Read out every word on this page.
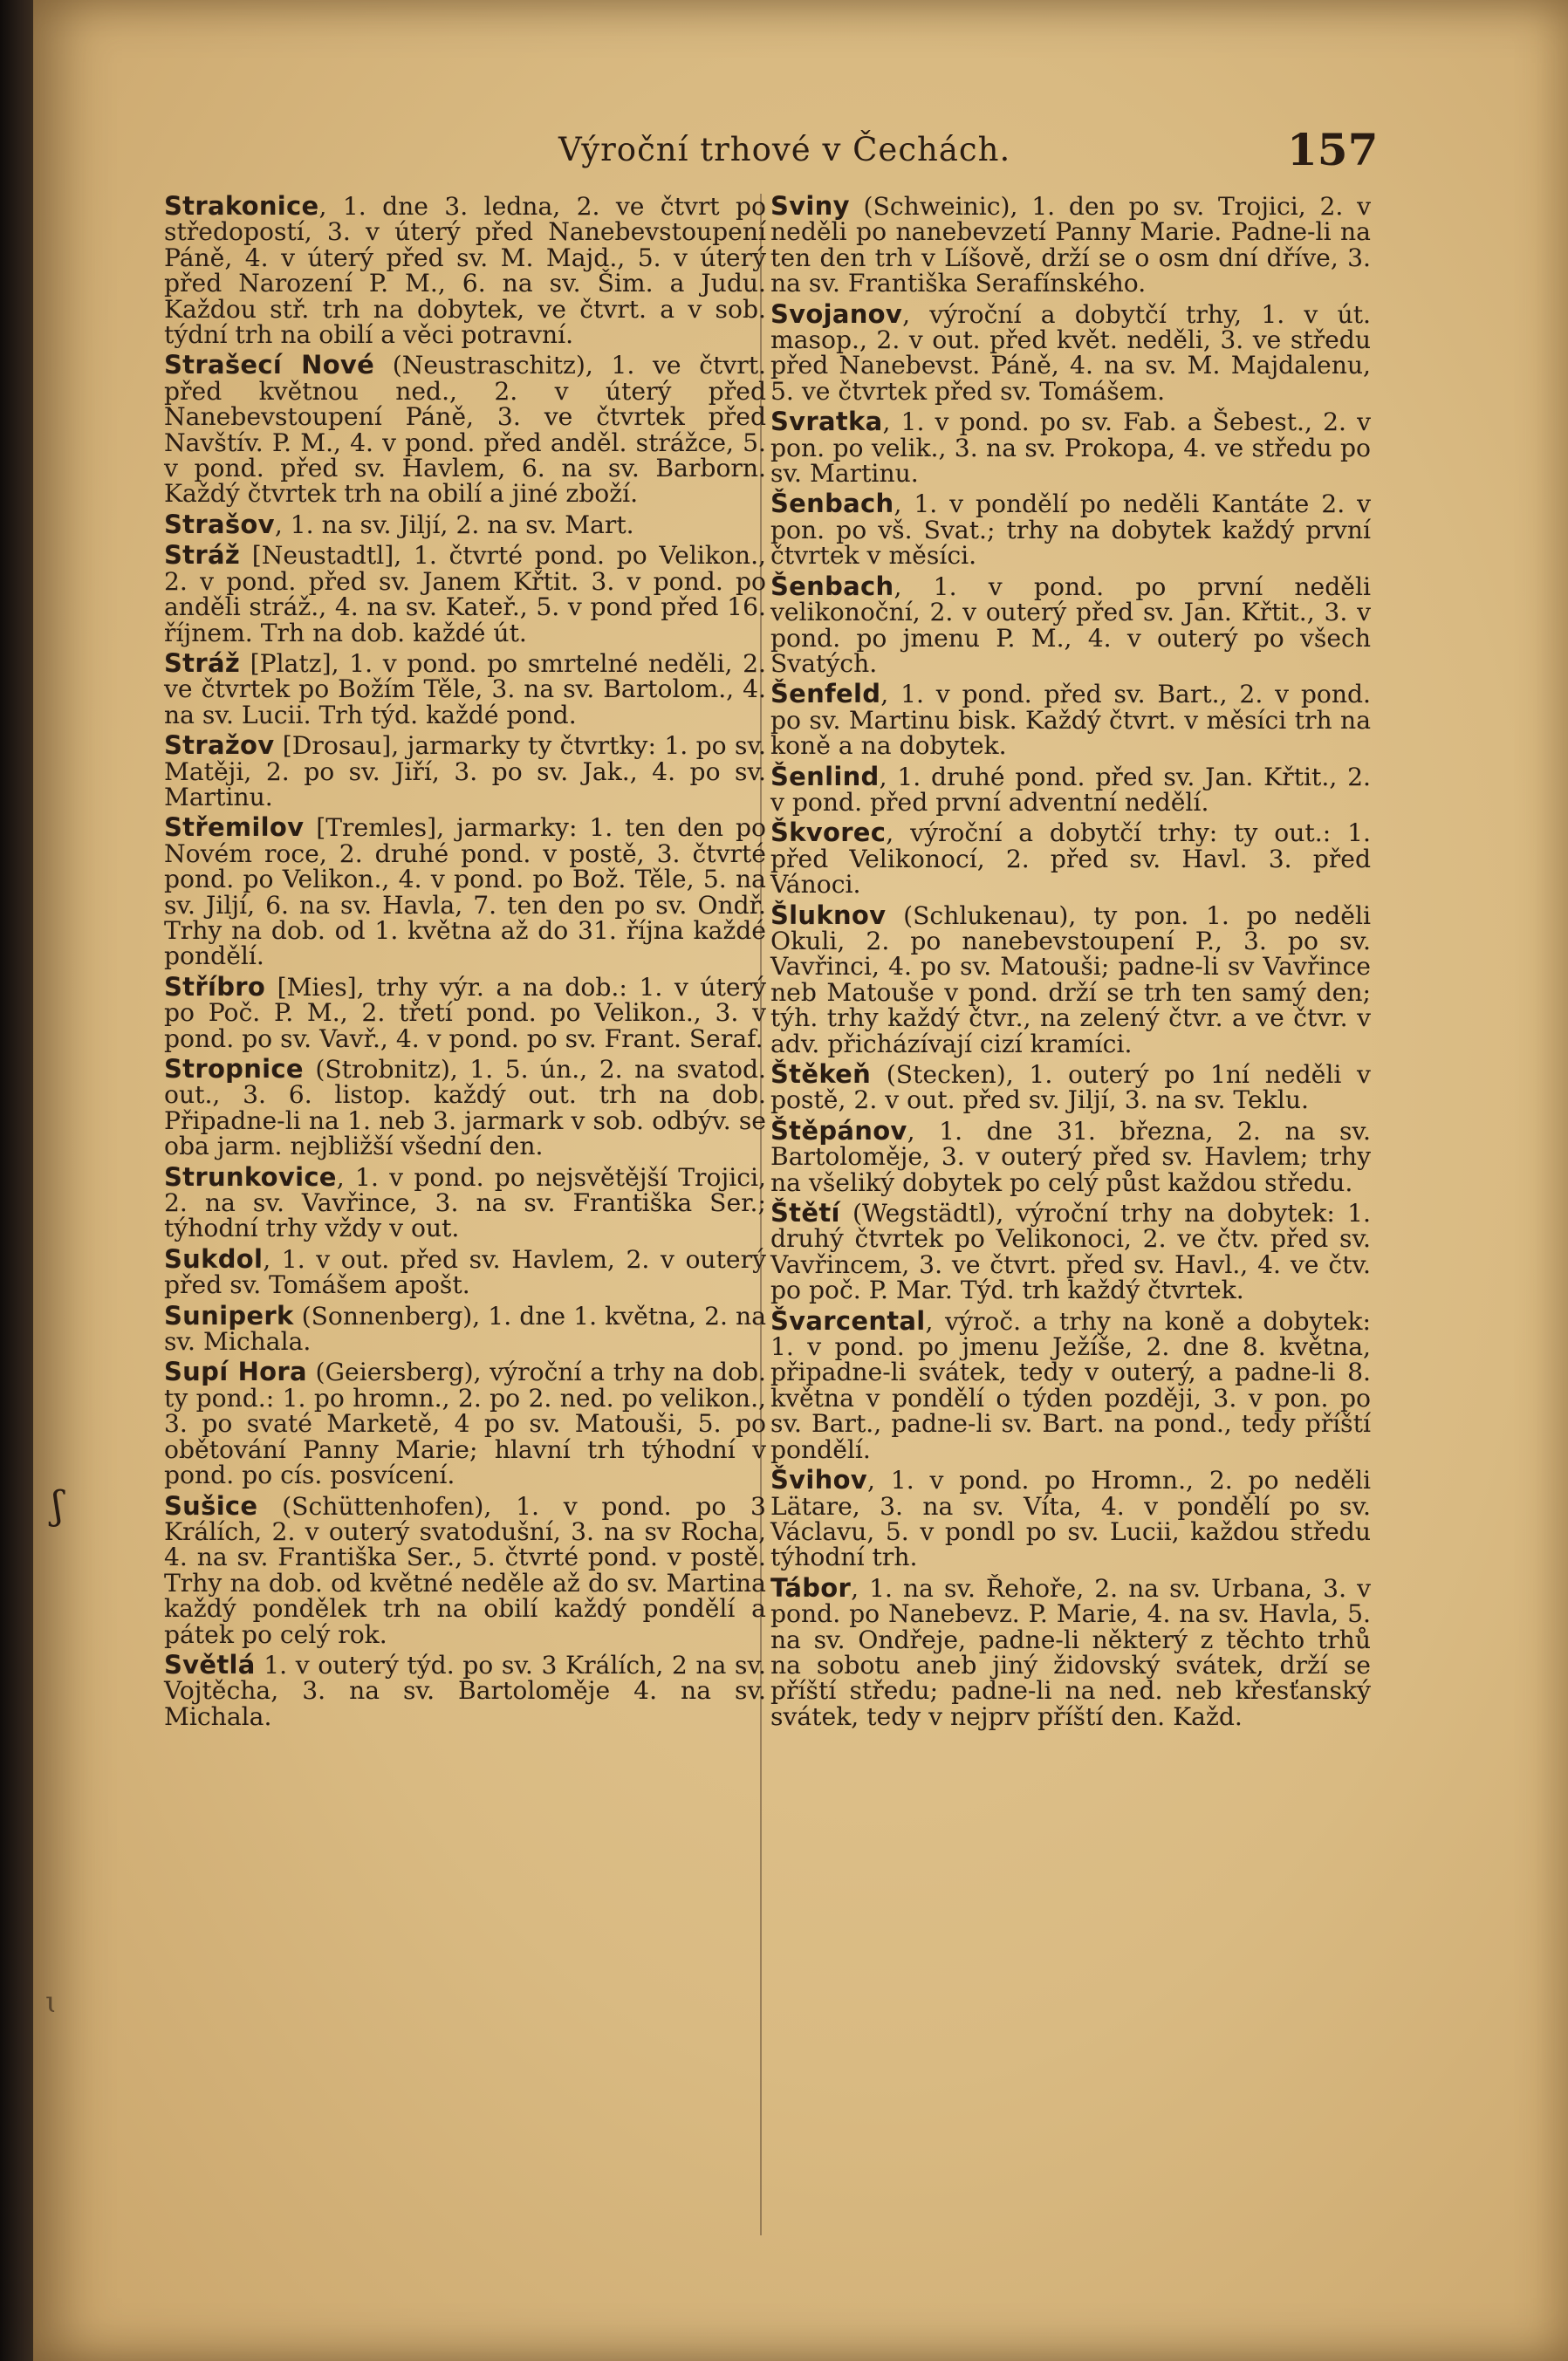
Výroční trhové v Čechách.	157

Strakonice, 1. dne 3. ledna, 2. ve čtvrt po středopostí, 3. v úterý před Nanebevstoupení Páně, 4. v úterý před sv. M. Majd., 5. v úterý před Narození P. M., 6. na sv. Šim. a Judu. Každou stř. trh na dobytek, ve čtvrt. a v sob. týdní trh na obilí a věci potravní.

Strašecí Nové (Neustraschitz), 1. ve čtvrt. před květnou ned., 2. v úterý před Nanebevstoupení Páně, 3. ve čtvrtek před Navštív. P. M., 4. v pond. před anděl. strážce, 5. v pond. před sv. Havlem, 6. na sv. Barborn. Každý čtvrtek trh na obilí a jiné zboží.

Strašov, 1. na sv. Jiljí, 2. na sv. Mart.

Stráž [Neustadtl], 1. čtvrté pond. po Velikon., 2. v pond. před sv. Janem Křtit. 3. v pond. po anděli stráž., 4. na sv. Kateř., 5. v pond před 16. říjnem. Trh na dob. každé út.

Stráž [Platz], 1. v pond. po smrtelné neděli, 2. ve čtvrtek po Božím Těle, 3. na sv. Bartolom., 4. na sv. Lucii. Trh týd. každé pond.

Stražov [Drosau], jarmarky ty čtvrtky: 1. po sv. Matěji, 2. po sv. Jiří, 3. po sv. Jak., 4. po sv. Martinu.

Střemilov [Tremles], jarmarky: 1. ten den po Novém roce, 2. druhé pond. v postě, 3. čtvrté pond. po Velikon., 4. v pond. po Bož. Těle, 5. na sv. Jiljí, 6. na sv. Havla, 7. ten den po sv. Ondř. Trhy na dob. od 1. května až do 31. října každé pondělí.

Stříbro [Mies], trhy výr. a na dob.: 1. v úterý po Poč. P. M., 2. třetí pond. po Velikon., 3. v pond. po sv. Vavř., 4. v pond. po sv. Frant. Seraf.

Stropnice (Strobnitz), 1. 5. ún., 2. na svatod. out., 3. 6. listop. každý out. trh na dob. Připadne-li na 1. neb 3. jarmark v sob. odbýv. se oba jarm. nejbližší všední den.

Strunkovice, 1. v pond. po nejsvětější Trojici, 2. na sv. Vavřince, 3. na sv. Františka Ser.; týhodní trhy vždy v out.

Sukdol, 1. v out. před sv. Havlem, 2. v outerý před sv. Tomášem apošt.

Suniperk (Sonnenberg), 1. dne 1. května, 2. na sv. Michala.

Supí Hora (Geiersberg), výroční a trhy na dob. ty pond.: 1. po hromn., 2. po 2. ned. po velikon., 3. po svaté Marketě, 4 po sv. Matouši, 5. po obětování Panny Marie; hlavní trh týhodní v pond. po cís. posvícení.

Sušice (Schüttenhofen), 1. v pond. po 3 Králích, 2. v outerý svatodušní, 3. na sv Rocha, 4. na sv. Františka Ser., 5. čtvrté pond. v postě. Trhy na dob. od květné neděle až do sv. Martina každý pondělek trh na obilí každý pondělí a pátek po celý rok.

Světlá 1. v outerý týd. po sv. 3 Králích, 2 na sv. Vojtěcha, 3. na sv. Bartoloměje 4. na sv. Michala.

Sviny (Schweinic), 1. den po sv. Trojici, 2. v neděli po nanebevzetí Panny Marie. Padne-li na ten den trh v Líšově, drží se o osm dní dříve, 3. na sv. Františka Serafínského.

Svojanov, výroční a dobytčí trhy, 1. v út. masop., 2. v out. před květ. neděli, 3. ve středu před Nanebevst. Páně, 4. na sv. M. Majdalenu, 5. ve čtvrtek před sv. Tomášem.

Svratka, 1. v pond. po sv. Fab. a Šebest., 2. v pon. po velik., 3. na sv. Prokopa, 4. ve středu po sv. Martinu.

Šenbach, 1. v pondělí po neděli Kantáte 2. v pon. po vš. Svat.; trhy na dobytek každý první čtvrtek v měsíci.

Šenbach, 1. v pond. po první neděli velikonoční, 2. v outerý před sv. Jan. Křtit., 3. v pond. po jmenu P. M., 4. v outerý po všech Svatých.

Šenfeld, 1. v pond. před sv. Bart., 2. v pond. po sv. Martinu bisk. Každý čtvrt. v měsíci trh na koně a na dobytek.

Šenlind, 1. druhé pond. před sv. Jan. Křtit., 2. v pond. před první adventní nedělí.

Škvorec, výroční a dobytčí trhy: ty out.: 1. před Velikonocí, 2. před sv. Havl. 3. před Vánoci.

Šluknov (Schlukenau), ty pon. 1. po neděli Okuli, 2. po nanebevstoupení P., 3. po sv. Vavřinci, 4. po sv. Matouši; padne-li sv Vavřince neb Matouše v pond. drží se trh ten samý den; týh. trhy každý čtvr., na zelený čtvr. a ve čtvr. v adv. přicházívají cizí kramíci.

Štěkeň (Stecken), 1. outerý po 1ní neděli v postě, 2. v out. před sv. Jiljí, 3. na sv. Teklu.

Štěpánov, 1. dne 31. března, 2. na sv. Bartoloměje, 3. v outerý před sv. Havlem; trhy na všeliký dobytek po celý půst každou středu.

Štětí (Wegstädtl), výroční trhy na dobytek: 1. druhý čtvrtek po Velikonoci, 2. ve čtv. před sv. Vavřincem, 3. ve čtvrt. před sv. Havl., 4. ve čtv. po poč. P. Mar. Týd. trh každý čtvrtek.

Švarcental, výroč. a trhy na koně a dobytek: 1. v pond. po jmenu Ježíše, 2. dne 8. května, připadne-li svátek, tedy v outerý, a padne-li 8. května v pondělí o týden později, 3. v pon. po sv. Bart., padne-li sv. Bart. na pond., tedy příští pondělí.

Švihov, 1. v pond. po Hromn., 2. po neděli Lätare, 3. na sv. Víta, 4. v pondělí po sv. Václavu, 5. v pondl po sv. Lucii, každou středu týhodní trh.

Tábor, 1. na sv. Řehoře, 2. na sv. Urbana, 3. v pond. po Nanebevz. P. Marie, 4. na sv. Havla, 5. na sv. Ondřeje, padne-li některý z těchto trhů na sobotu aneb jiný židovský svátek, drží se příští středu; padne-li na ned. neb křesťanský svátek, tedy v nejprv příští den. Každ.

ʃ
ɩ
